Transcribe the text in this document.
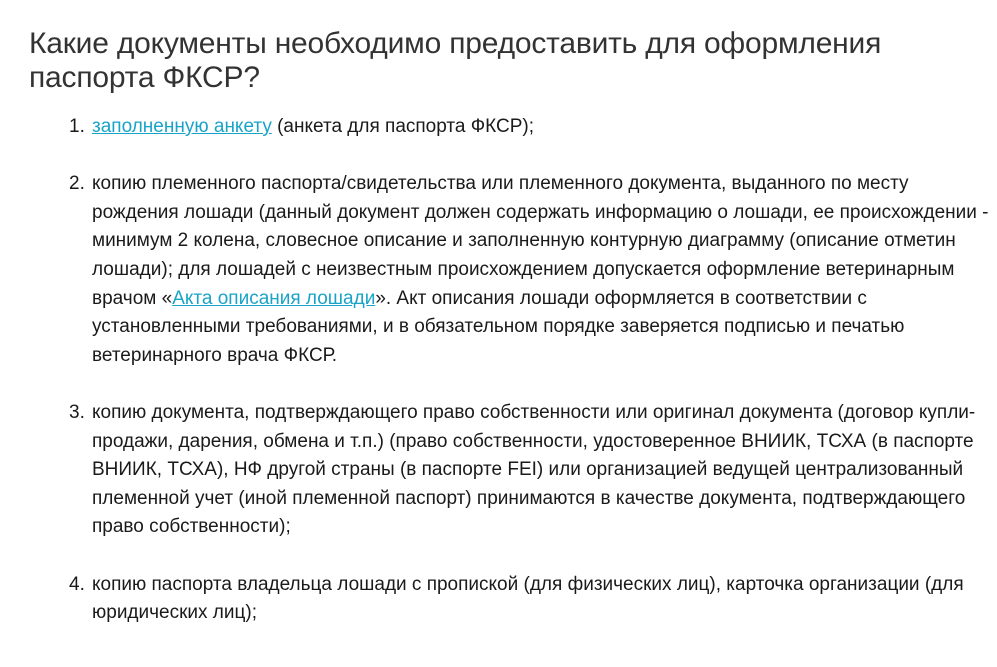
Какие документы необходимо предоставить для оформления паспорта ФКСР?
1. заполненную анкету (анкета для паспорта ФКСР);
2. копию племенного паспорта/свидетельства или племенного документа, выданного по месту рождения лошади (данный документ должен содержать информацию о лошади, ее происхождении - минимум 2 колена, словесное описание и заполненную контурную диаграмму (описание отметин лошади); для лошадей с неизвестным происхождением допускается оформление ветеринарным врачом «Акта описания лошади». Акт описания лошади оформляется в соответствии с установленными требованиями, и в обязательном порядке заверяется подписью и печатью ветеринарного врача ФКСР.
3. копию документа, подтверждающего право собственности или оригинал документа (договор купли-продажи, дарения, обмена и т.п.) (право собственности, удостоверенное ВНИИК, ТСХА (в паспорте ВНИИК, ТСХА), НФ другой страны (в паспорте FEI) или организацией ведущей централизованный племенной учет (иной племенной паспорт) принимаются в качестве документа, подтверждающего право собственности);
4. копию паспорта владельца лошади с пропиской (для физических лиц), карточка организации (для юридических лиц);
